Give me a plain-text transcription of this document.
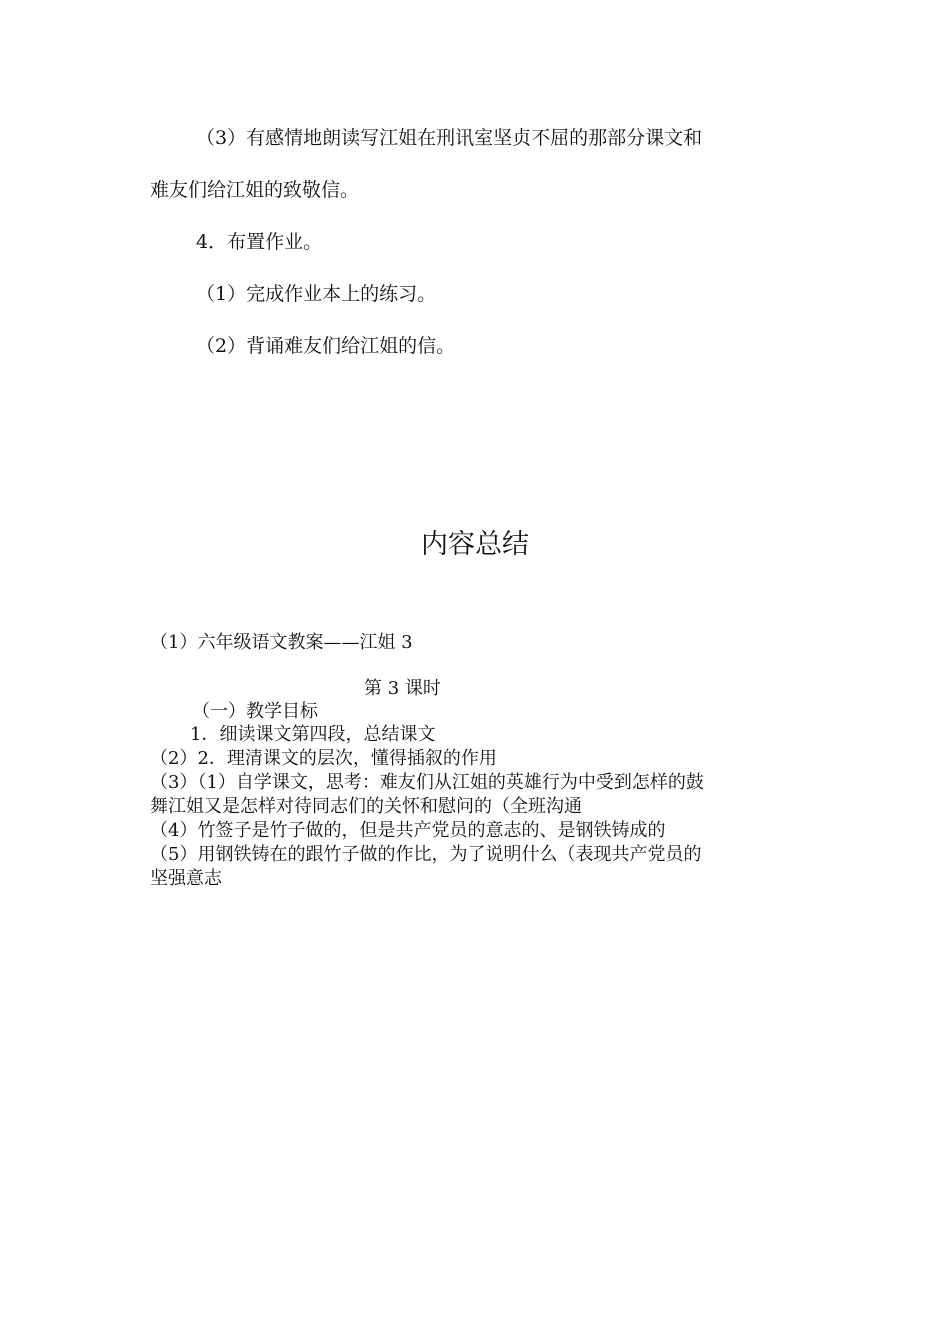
（3）有感情地朗读写江姐在刑讯室坚贞不屈的那部分课文和
难友们给江姐的致敬信。
4．布置作业。
（1）完成作业本上的练习。
（2）背诵难友们给江姐的信。
内容总结
（1）六年级语文教案——江姐 3
第 3 课时
（一）教学目标
1．细读课文第四段，总结课文
（2）2．理清课文的层次，懂得插叙的作用
（3）（1）自学课文，思考：难友们从江姐的英雄行为中受到怎样的鼓
舞江姐又是怎样对待同志们的关怀和慰问的（全班沟通
（4）竹签子是竹子做的，但是共产党员的意志的、是钢铁铸成的
（5）用钢铁铸在的跟竹子做的作比，为了说明什么（表现共产党员的
坚强意志
